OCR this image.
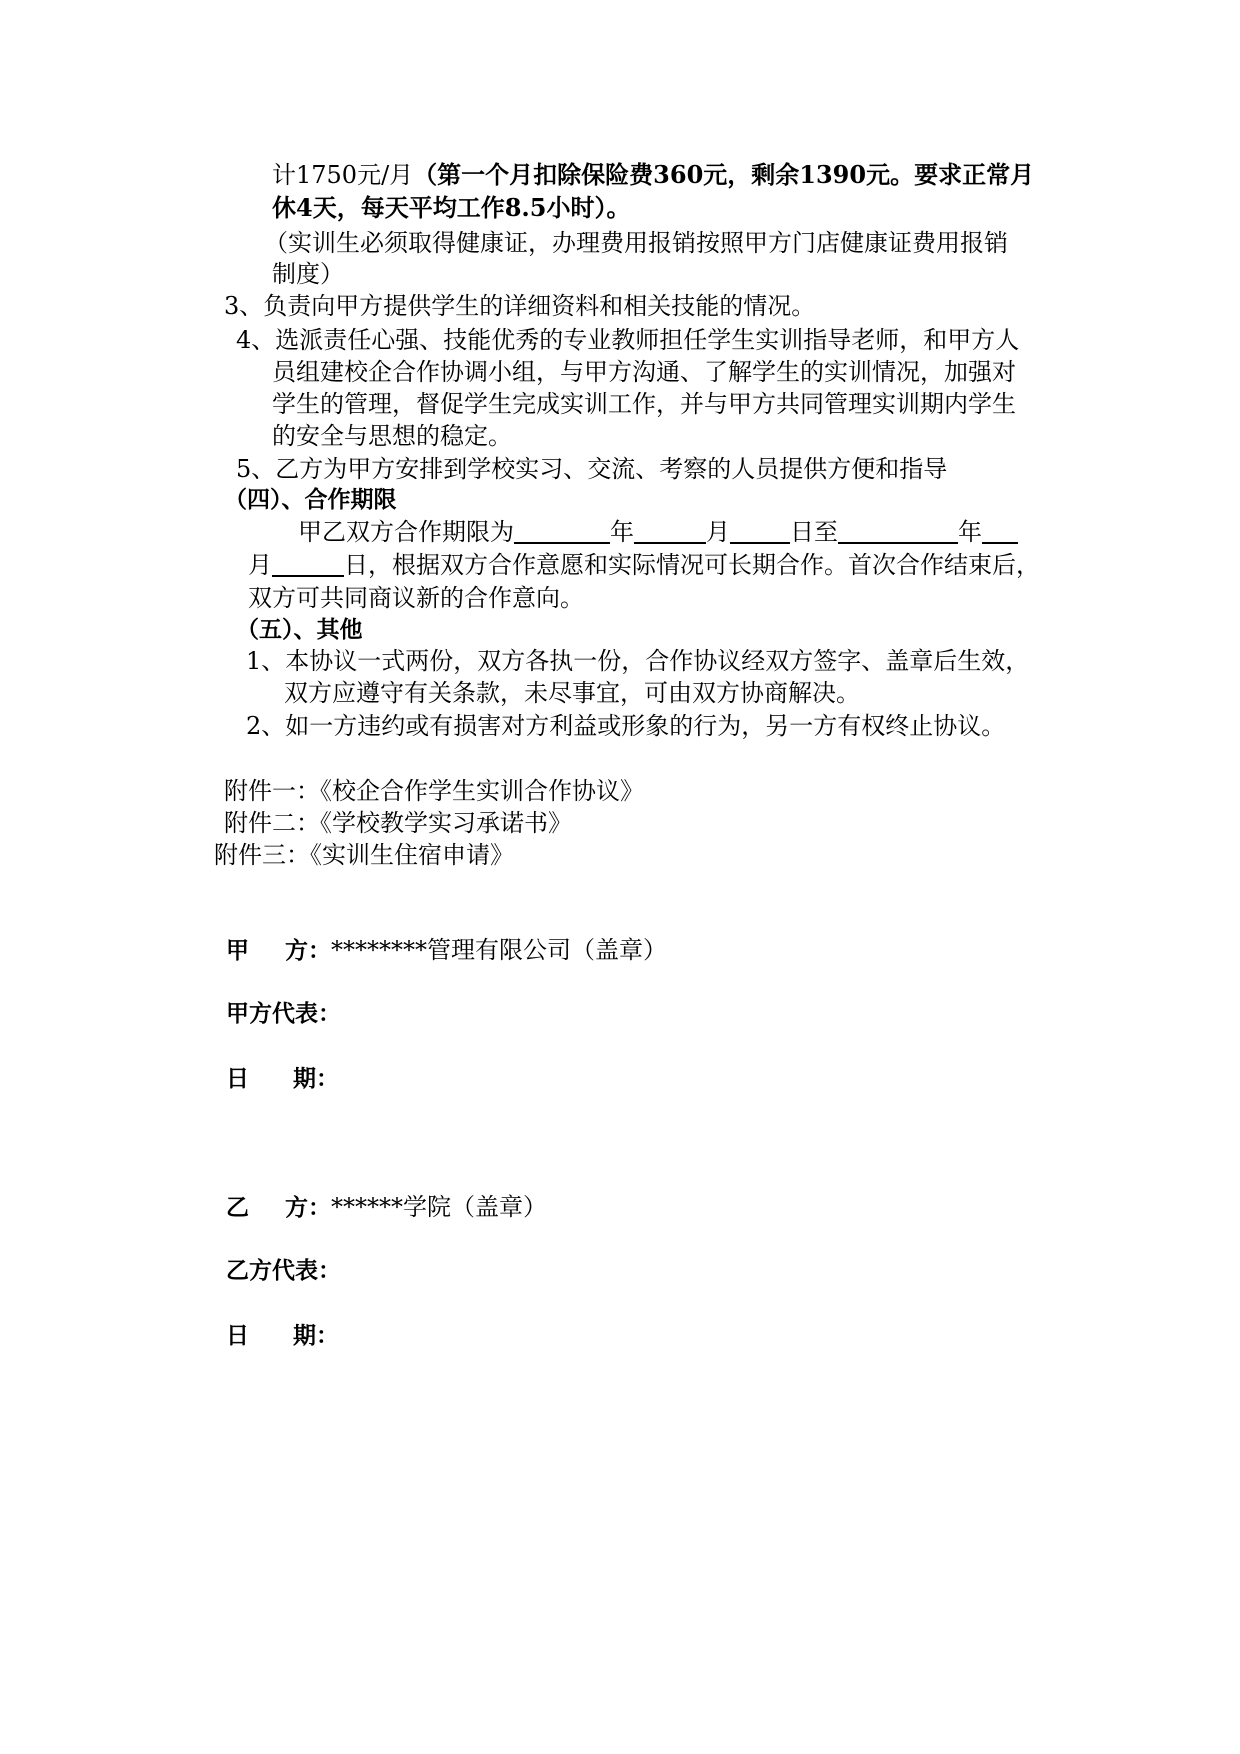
计1750元/月（第一个月扣除保险费360元，剩余1390元。要求正常月
休4天，每天平均工作8.5小时）。
（实训生必须取得健康证，办理费用报销按照甲方门店健康证费用报销
制度）
3、负责向甲方提供学生的详细资料和相关技能的情况。
4、选派责任心强、技能优秀的专业教师担任学生实训指导老师，和甲方人
员组建校企合作协调小组，与甲方沟通、了解学生的实训情况，加强对
学生的管理，督促学生完成实训工作，并与甲方共同管理实训期内学生
的安全与思想的稳定。
5、乙方为甲方安排到学校实习、交流、考察的人员提供方便和指导
（四）、合作期限
甲乙双方合作期限为	年	月	日至	年
月	日，根据双方合作意愿和实际情况可长期合作。首次合作结束后，
双方可共同商议新的合作意向。
（五）、其他
1、本协议一式两份，双方各执一份，合作协议经双方签字、盖章后生效，
双方应遵守有关条款，未尽事宜，可由双方协商解决。
2、如一方违约或有损害对方利益或形象的行为，另一方有权终止协议。
附件一：《校企合作学生实训合作协议》
附件二：《学校教学实习承诺书》
附件三：《实训生住宿申请》
甲 方：********管理有限公司（盖章）
甲方代表：
日 期：
乙 方：******学院（盖章）
乙方代表：
日 期：
